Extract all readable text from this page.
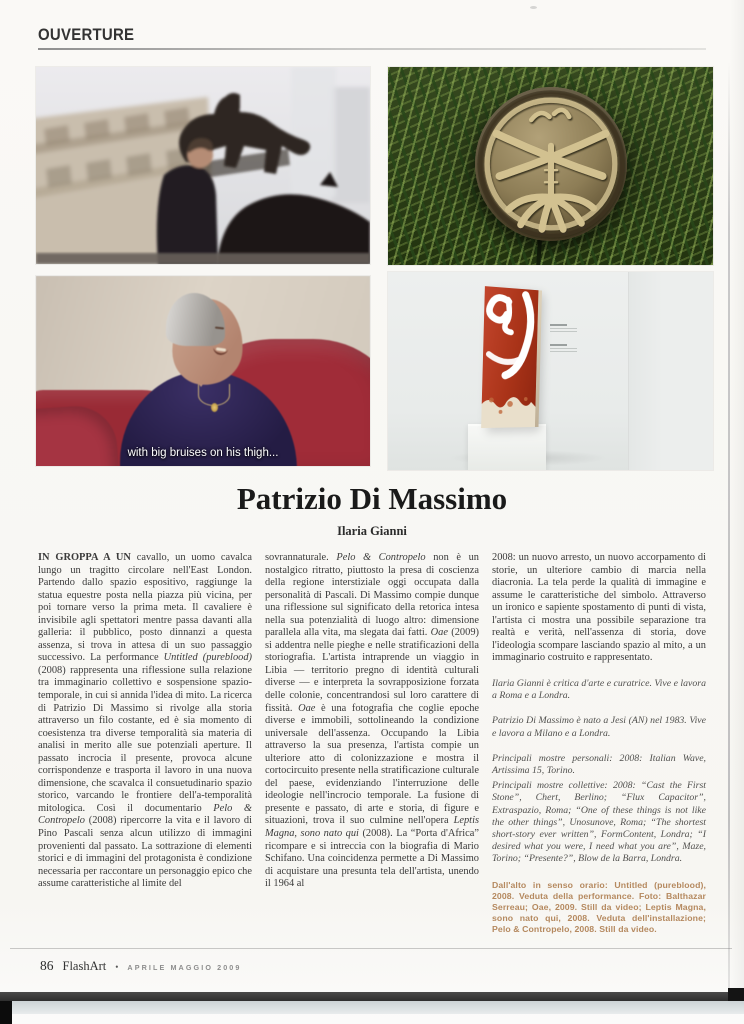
OUVERTURE
with big bruises on his thigh...
Patrizio Di Massimo
Ilaria Gianni

IN GROPPA A UN cavallo, un uomo cavalca lungo un tragitto circolare nell'East London. Partendo dallo spazio espositivo, raggiunge la statua equestre posta nella piazza più vicina, per poi tornare verso la prima meta. Il cavaliere è invisibile agli spettatori mentre passa davanti alla galleria: il pubblico, posto dinnanzi a questa assenza, si trova in attesa di un suo passaggio successivo. La performance Untitled (pureblood) (2008) rappresenta una riflessione sulla relazione tra immaginario collettivo e sospensione spazio-temporale, in cui si annida l'idea di mito. La ricerca di Patrizio Di Massimo si rivolge alla storia attraverso un filo costante, ed è sia momento di coesistenza tra diverse temporalità sia materia di analisi in merito alle sue potenziali aperture. Il passato incrocia il presente, provoca alcune corrispondenze e trasporta il lavoro in una nuova dimensione, che scavalca il consuetudinario spazio storico, varcando le frontiere dell'a-temporalità mitologica. Così il documentario Pelo & Contropelo (2008) ripercorre la vita e il lavoro di Pino Pascali senza alcun utilizzo di immagini provenienti dal passato. La sottrazione di elementi storici e di immagini del protagonista è condizione necessaria per raccontare un personaggio epico che assume caratteristiche al limite del

sovrannaturale. Pelo & Contropelo non è un nostalgico ritratto, piuttosto la presa di coscienza della regione interstiziale oggi occupata dalla personalità di Pascali. Di Massimo compie dunque una riflessione sul significato della retorica intesa nella sua potenzialità di luogo altro: dimensione parallela alla vita, ma slegata dai fatti. Oae (2009) si addentra nelle pieghe e nelle stratificazioni della storiografia. L'artista intraprende un viaggio in Libia — territorio pregno di identità culturali diverse — e interpreta la sovrapposizione forzata delle colonie, concentrandosi sul loro carattere di fissità. Oae è una fotografia che coglie epoche diverse e immobili, sottolineando la condizione universale dell'assenza. Occupando la Libia attraverso la sua presenza, l'artista compie un ulteriore atto di colonizzazione e mostra il cortocircuito presente nella stratificazione culturale del paese, evidenziando l'interruzione delle ideologie nell'incrocio temporale. La fusione di presente e passato, di arte e storia, di figure e situazioni, trova il suo culmine nell'opera Leptis Magna, sono nato qui (2008). La “Porta d'Africa” ricompare e si intreccia con la biografia di Mario Schifano. Una coincidenza permette a Di Massimo di acquistare una presunta tela dell'artista, unendo il 1964 al

2008: un nuovo arresto, un nuovo accorpamento di storie, un ulteriore cambio di marcia nella diacronia. La tela perde la qualità di immagine e assume le caratteristiche del simbolo. Attraverso un ironico e sapiente spostamento di punti di vista, l'artista ci mostra una possibile separazione tra realtà e verità, nell'assenza di storia, dove l'ideologia scompare lasciando spazio al mito, a un immaginario costruito e rappresentato.

Ilaria Gianni è critica d'arte e curatrice. Vive e lavora a Roma e a Londra.

Patrizio Di Massimo è nato a Jesi (AN) nel 1983. Vive e lavora a Milano e a Londra.

Principali mostre personali: 2008: Italian Wave, Artissima 15, Torino.

Principali mostre collettive: 2008: “Cast the First Stone”, Chert, Berlino; “Flux Capacitor”, Extraspazio, Roma; “One of these things is not like the other things”, Unosunove, Roma; “The shortest short-story ever written”, FormContent, Londra; “I desired what you were, I need what you are”, Maze, Torino; “Presente?”, Blow de la Barra, Londra.

Dall'alto in senso orario: Untitled (pureblood), 2008. Veduta della performance. Foto: Balthazar Serreau; Oae, 2009. Still da video; Leptis Magna, sono nato qui, 2008. Veduta dell'installazione; Pelo & Contropelo, 2008. Still da video.

86 FlashArt • APRILE MAGGIO 2009
